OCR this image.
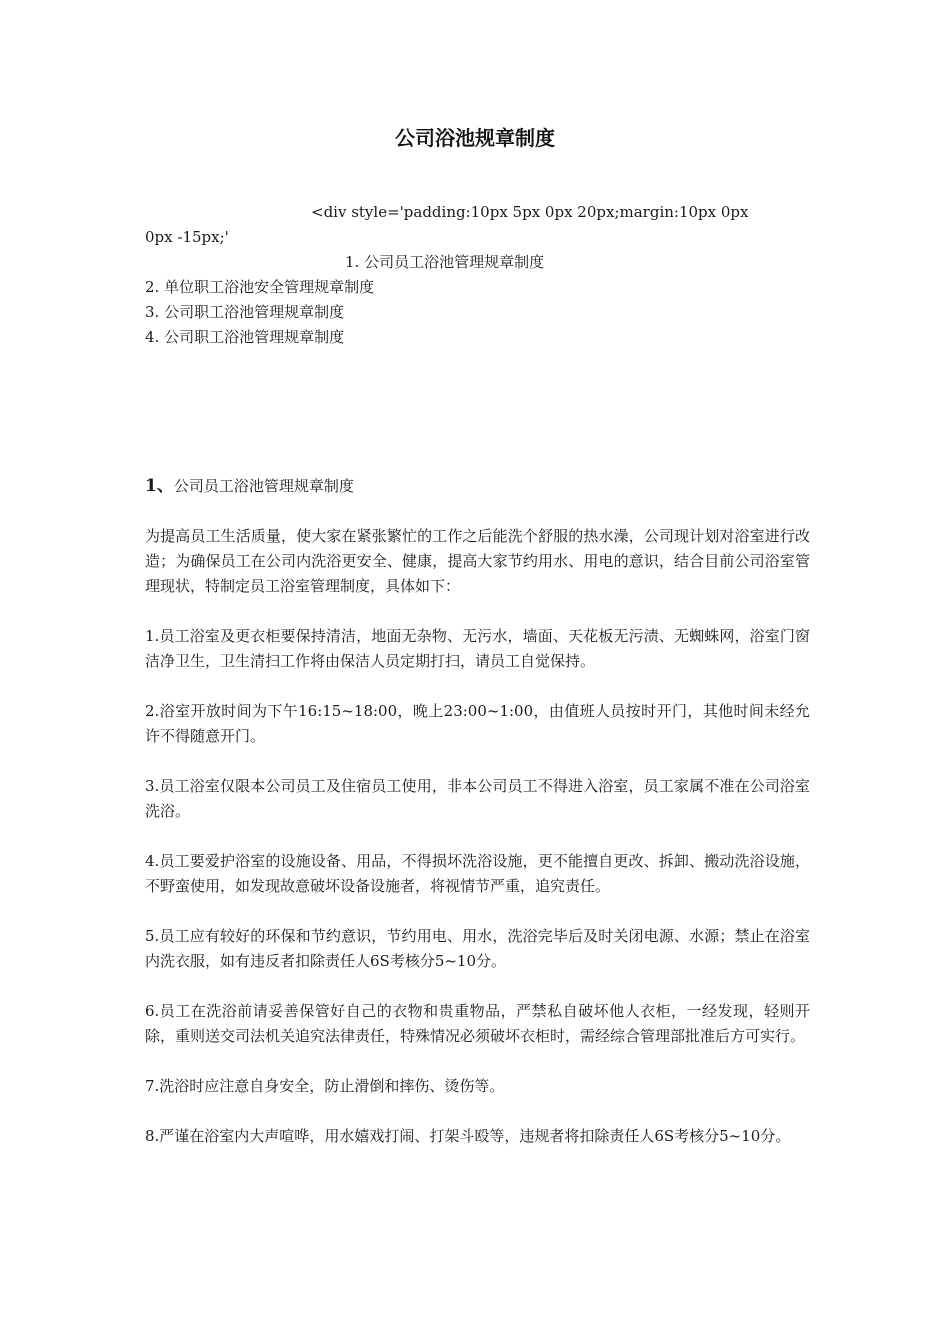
公司浴池规章制度
<div style='padding:10px 5px 0px 20px;margin:10px 0px
0px -15px;'
1. 公司员工浴池管理规章制度
2. 单位职工浴池安全管理规章制度
3. 公司职工浴池管理规章制度
4. 公司职工浴池管理规章制度

1、公司员工浴池管理规章制度

为提高员工生活质量，使大家在紧张繁忙的工作之后能洗个舒服的热水澡，公司现计划对浴室进行改造；为确保员工在公司内洗浴更安全、健康，提高大家节约用水、用电的意识，结合目前公司浴室管理现状，特制定员工浴室管理制度，具体如下：

1.员工浴室及更衣柜要保持清洁，地面无杂物、无污水，墙面、天花板无污渍、无蜘蛛网，浴室门窗洁净卫生，卫生清扫工作将由保洁人员定期打扫，请员工自觉保持。

2.浴室开放时间为下午16:15~18:00，晚上23:00~1:00，由值班人员按时开门，其他时间未经允许不得随意开门。

3.员工浴室仅限本公司员工及住宿员工使用，非本公司员工不得进入浴室，员工家属不准在公司浴室洗浴。

4.员工要爱护浴室的设施设备、用品，不得损坏洗浴设施，更不能擅自更改、拆卸、搬动洗浴设施，不野蛮使用，如发现故意破坏设备设施者，将视情节严重，追究责任。

5.员工应有较好的环保和节约意识，节约用电、用水，洗浴完毕后及时关闭电源、水源；禁止在浴室内洗衣服，如有违反者扣除责任人6S考核分5~10分。

6.员工在洗浴前请妥善保管好自己的衣物和贵重物品，严禁私自破坏他人衣柜，一经发现，轻则开除，重则送交司法机关追究法律责任，特殊情况必须破坏衣柜时，需经综合管理部批准后方可实行。

7.洗浴时应注意自身安全，防止滑倒和摔伤、烫伤等。

8.严谨在浴室内大声喧哗，用水嬉戏打闹、打架斗殴等，违规者将扣除责任人6S考核分5~10分。
